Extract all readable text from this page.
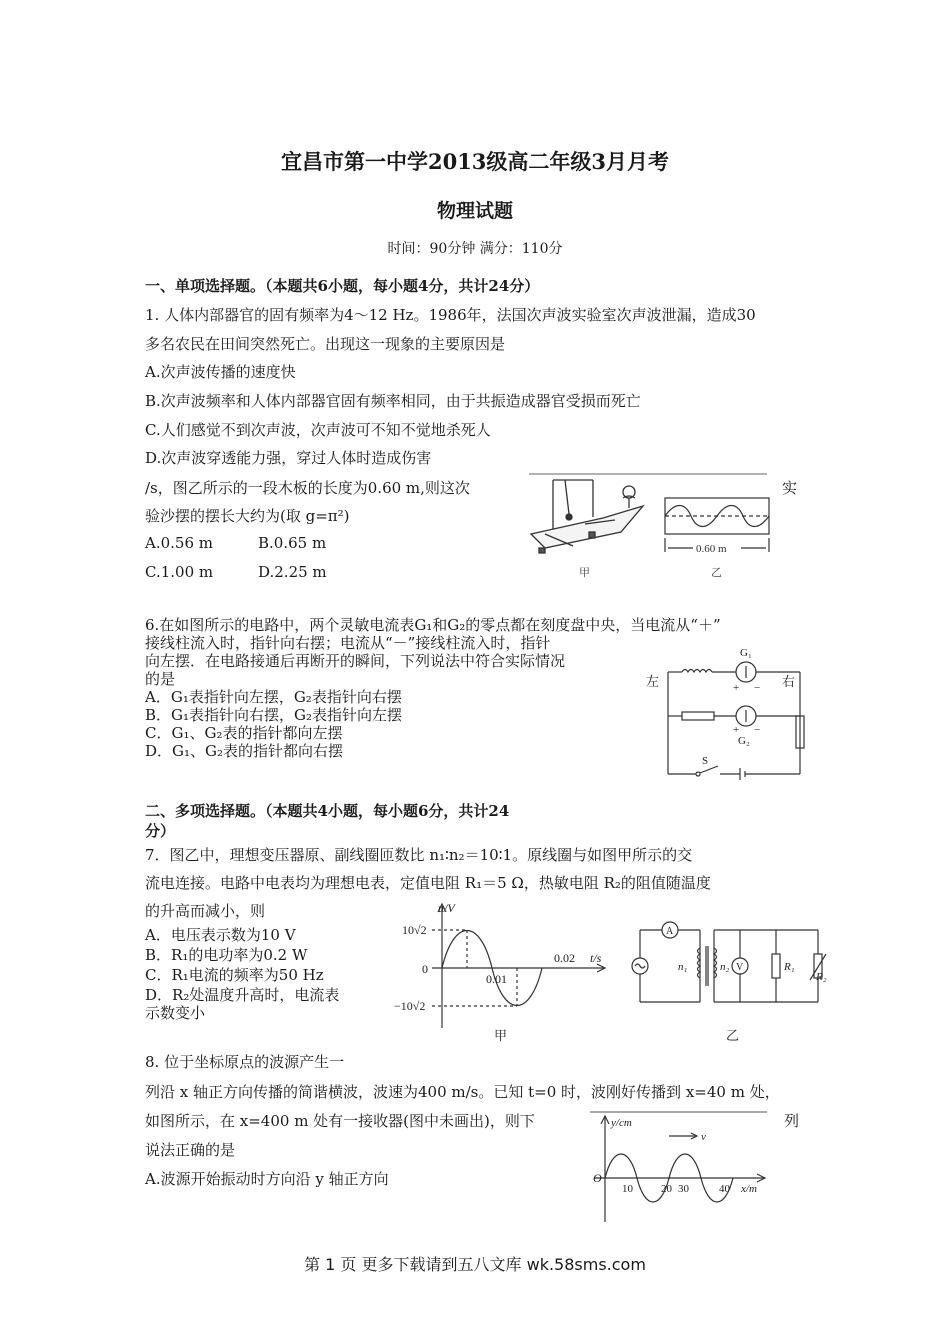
宜昌市第一中学2013级高二年级3月月考
物理试题
时间：90分钟 满分：110分
一、单项选择题。（本题共6小题，每小题4分，共计24分）
1. 人体内部器官的固有频率为4～12 Hz。1986年，法国次声波实验室次声波泄漏，造成30
多名农民在田间突然死亡。出现这一现象的主要原因是
A.次声波传播的速度快
B.次声波频率和人体内部器官固有频率相同，由于共振造成器官受损而死亡
C.人们感觉不到次声波，次声波可不知不觉地杀死人
D.次声波穿透能力强，穿过人体时造成伤害
/s，图乙所示的一段木板的长度为0.60 m,则这次	实
验沙摆的摆长大约为(取 g=π²)
A.0.56 m	B.0.65 m
C.1.00 m	D.2.25 m	甲
0.60 m
乙
6.在如图所示的电路中，两个灵敏电流表G₁和G₂的零点都在刻度盘中央，当电流从“＋”
接线柱流入时，指针向右摆；电流从“－”接线柱流入时，指针
向左摆．在电路接通后再断开的瞬间，下列说法中符合实际情况
的是
A．G₁表指针向左摆，G₂表指针向右摆
B．G₁表指针向右摆，G₂表指针向左摆
C．G₁、G₂表的指针都向左摆
D．G₁、G₂表的指针都向右摆
左	右
G₁
+ −
+ −
G₂
S
二、多项选择题。（本题共4小题，每小题6分，共计24
分）
7．图乙中，理想变压器原、副线圈匝数比 n₁∶n₂＝10∶1。原线圈与如图甲所示的交
流电连接。电路中电表均为理想电表，定值电阻 R₁＝5 Ω，热敏电阻 R₂的阻值随温度
的升高而减小，则
A．电压表示数为10 V
B．R₁的电功率为0.2 W
C．R₁电流的频率为50 Hz
D．R₂处温度升高时，电流表
示数变小
u/V
t/s
10√2
−10√2
0
0.01
0.02
甲
A
V
n₁	n₂	R₁
R₂
乙
8. 位于坐标原点的波源产生一
列沿 x 轴正方向传播的简谐横波，波速为400 m/s。已知 t=0 时，波刚好传播到 x=40 m 处，
如图所示，在 x=400 m 处有一接收器(图中未画出)，则下	列
说法正确的是
A.波源开始振动时方向沿 y 轴正方向
y/cm
v
O
10	20 30	40 x/m
第 1 页 更多下载请到五八文库 wk.58sms.com
